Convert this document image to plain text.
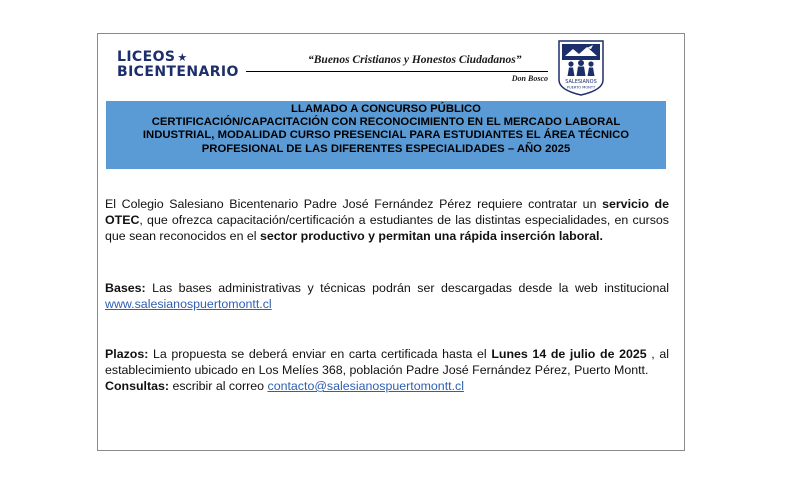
LICEOS ★
BICENTENARIO
“Buenos Cristianos y Honestos Ciudadanos”
Don Bosco	SALESIANOS
PUERTO MONTT
LLAMADO A CONCURSO PÚBLICO
CERTIFICACIÓN/CAPACITACIÓN CON RECONOCIMIENTO EN EL MERCADO LABORAL
INDUSTRIAL, MODALIDAD CURSO PRESENCIAL PARA ESTUDIANTES EL ÁREA TÉCNICO
PROFESIONAL DE LAS DIFERENTES ESPECIALIDADES – AÑO 2025
El Colegio Salesiano Bicentenario Padre José Fernández Pérez requiere contratar un servicio de OTEC, que ofrezca capacitación/certificación a estudiantes de las distintas especialidades, en cursos que sean reconocidos en el sector productivo y permitan una rápida inserción laboral.
Bases: Las bases administrativas y técnicas podrán ser descargadas desde la web institucional www.salesianospuertomontt.cl
Plazos: La propuesta se deberá enviar en carta certificada hasta el Lunes 14 de julio de 2025 , al establecimiento ubicado en Los Melíes 368, población Padre José Fernández Pérez, Puerto Montt.
Consultas: escribir al correo contacto@salesianospuertomontt.cl
